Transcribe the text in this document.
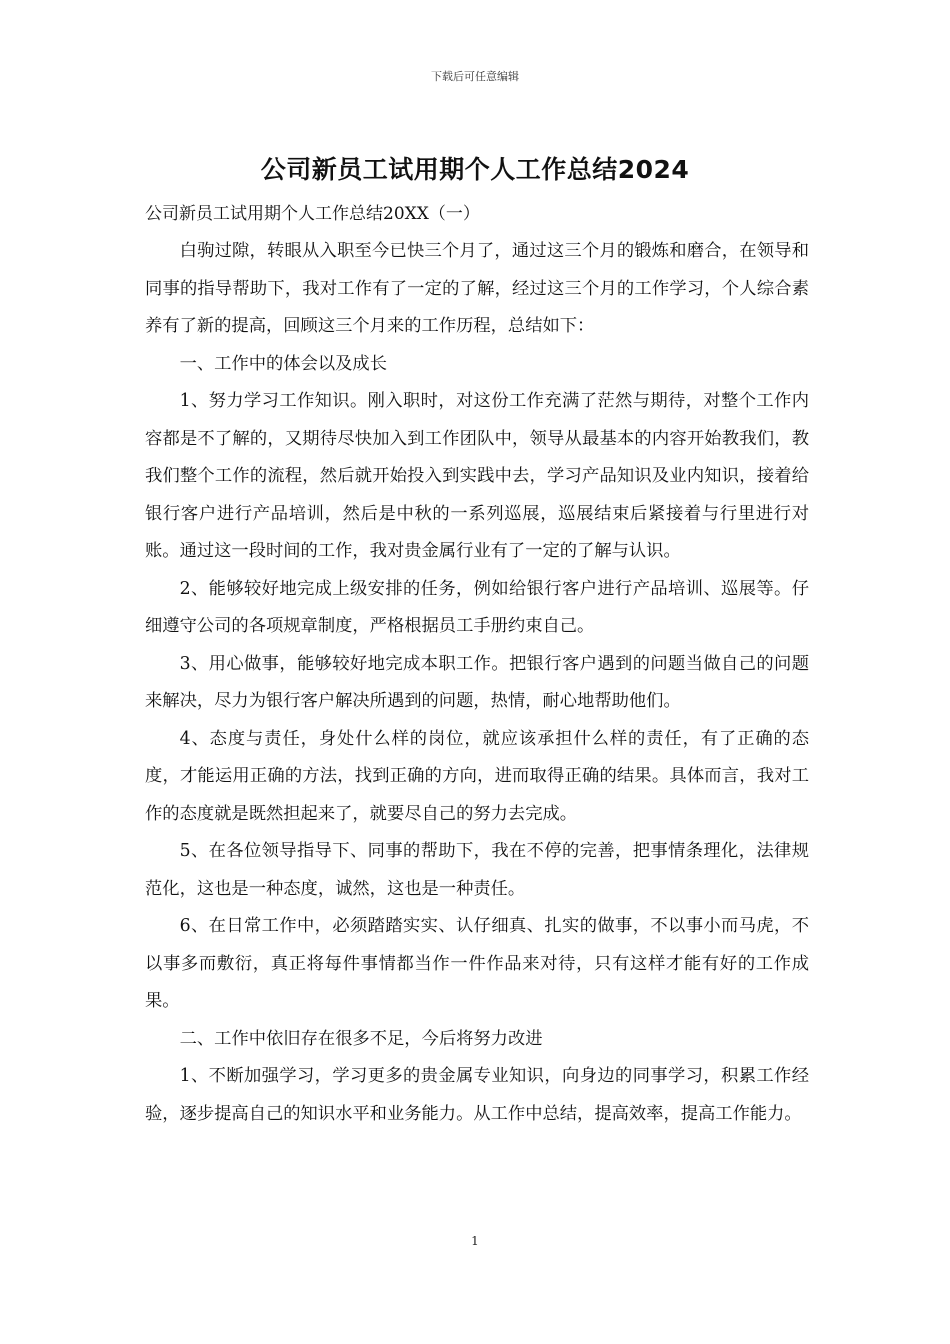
下载后可任意编辑
公司新员工试用期个人工作总结2024

公司新员工试用期个人工作总结20XX（一）

白驹过隙，转眼从入职至今已快三个月了，通过这三个月的锻炼和磨合，在领导和同事的指导帮助下，我对工作有了一定的了解，经过这三个月的工作学习，个人综合素养有了新的提高，回顾这三个月来的工作历程，总结如下：

一、工作中的体会以及成长

1、努力学习工作知识。刚入职时，对这份工作充满了茫然与期待，对整个工作内容都是不了解的，又期待尽快加入到工作团队中，领导从最基本的内容开始教我们，教我们整个工作的流程，然后就开始投入到实践中去，学习产品知识及业内知识，接着给银行客户进行产品培训，然后是中秋的一系列巡展，巡展结束后紧接着与行里进行对账。通过这一段时间的工作，我对贵金属行业有了一定的了解与认识。

2、能够较好地完成上级安排的任务，例如给银行客户进行产品培训、巡展等。仔细遵守公司的各项规章制度，严格根据员工手册约束自己。

3、用心做事，能够较好地完成本职工作。把银行客户遇到的问题当做自己的问题来解决，尽力为银行客户解决所遇到的问题，热情，耐心地帮助他们。

4、态度与责任，身处什么样的岗位，就应该承担什么样的责任，有了正确的态度，才能运用正确的方法，找到正确的方向，进而取得正确的结果。具体而言，我对工作的态度就是既然担起来了，就要尽自己的努力去完成。

5、在各位领导指导下、同事的帮助下，我在不停的完善，把事情条理化，法律规范化，这也是一种态度，诚然，这也是一种责任。

6、在日常工作中，必须踏踏实实、认仔细真、扎实的做事，不以事小而马虎，不以事多而敷衍，真正将每件事情都当作一件作品来对待，只有这样才能有好的工作成果。

二、工作中依旧存在很多不足，今后将努力改进

1、不断加强学习，学习更多的贵金属专业知识，向身边的同事学习，积累工作经验，逐步提高自己的知识水平和业务能力。从工作中总结，提高效率，提高工作能力。

1
